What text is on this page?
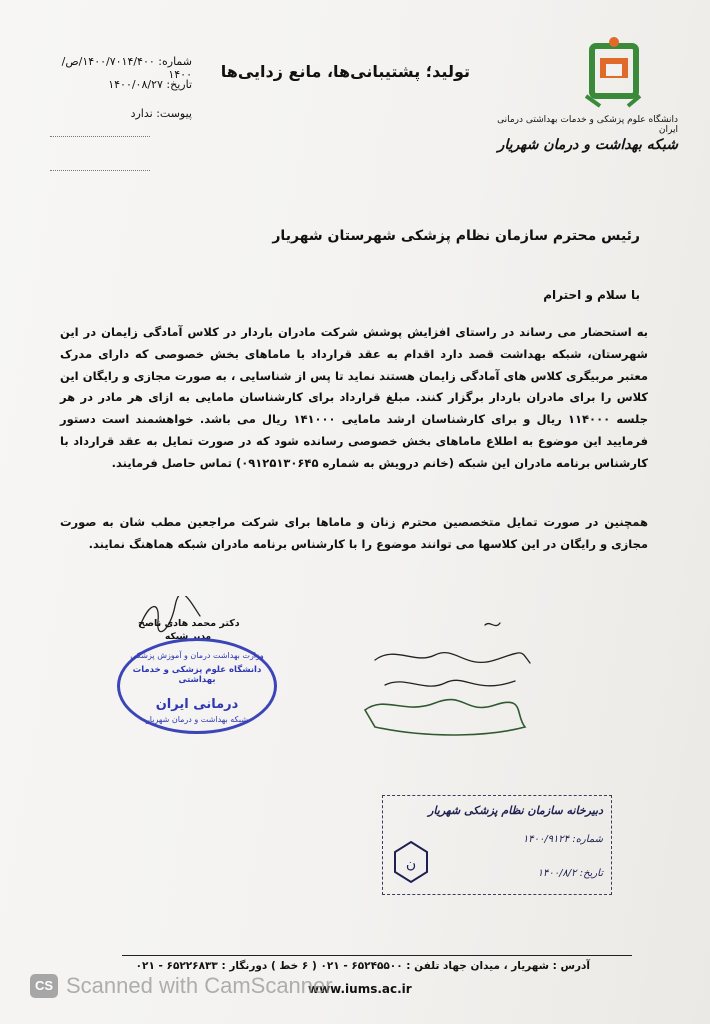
دانشگاه علوم پزشکی و خدمات بهداشتی درمانی ایران
شبکه بهداشت و درمان شهریار
تولید؛ پشتیبانی‌ها، مانع زدایی‌ها
شماره: ۱۴۰۰/۷۰۱۴/۴۰۰/ص/۱۴۰۰
تاریخ: ۱۴۰۰/۰۸/۲۷
پیوست: ندارد
رئیس محترم سازمان نظام پزشکی شهرستان شهریار
با سلام و احترام
به استحضار می رساند در راستای افزایش پوشش شرکت مادران باردار در کلاس آمادگی زایمان در این شهرستان، شبکه بهداشت قصد دارد اقدام به عقد قرارداد با ماماهای بخش خصوصی که دارای مدرک معتبر مربیگری کلاس های آمادگی زایمان هستند نماید تا پس از شناسایی ، به صورت مجازی و رایگان این کلاس را برای مادران باردار برگزار کنند. مبلغ قرارداد برای کارشناسان مامایی به ازای هر مادر در هر جلسه ۱۱۴۰۰۰ ریال و برای کارشناسان ارشد مامایی ۱۴۱۰۰۰ ریال می باشد. خواهشمند است دستور فرمایید این موضوع به اطلاع ماماهای بخش خصوصی رسانده شود که در صورت تمایل به عقد قرارداد با کارشناس برنامه مادران این شبکه (خانم درویش به شماره ۰۹۱۲۵۱۳۰۶۴۵) تماس حاصل فرمایند.
همچنین در صورت تمایل متخصصین محترم زنان و ماماها برای شرکت مراجعین مطب شان به صورت مجازی و رایگان در این کلاسها می توانند موضوع را با کارشناس برنامه مادران شبکه هماهنگ نمایند.
دکتر محمد هادی ناصح
مدیر شبکه
وزارت بهداشت درمان و آموزش پزشکی
دانشگاه علوم پزشکی و خدمات بهداشتی
درمانی ایران
شبکه بهداشت و درمان شهریار
دبیرخانه سازمان نظام پزشکی شهریار
شماره: ۱۴۰۰/۹۱۲۴
تاریخ: ۱۴۰۰/۸/۲
ن
آدرس : شهریار ، میدان جهاد تلفن : ۶۵۲۴۵۵۰۰ - ۰۲۱ ( ۶ خط ) دورنگار : ۶۵۲۲۶۸۳۳ - ۰۲۱
www.iums.ac.ir
CS Scanned with CamScanner
